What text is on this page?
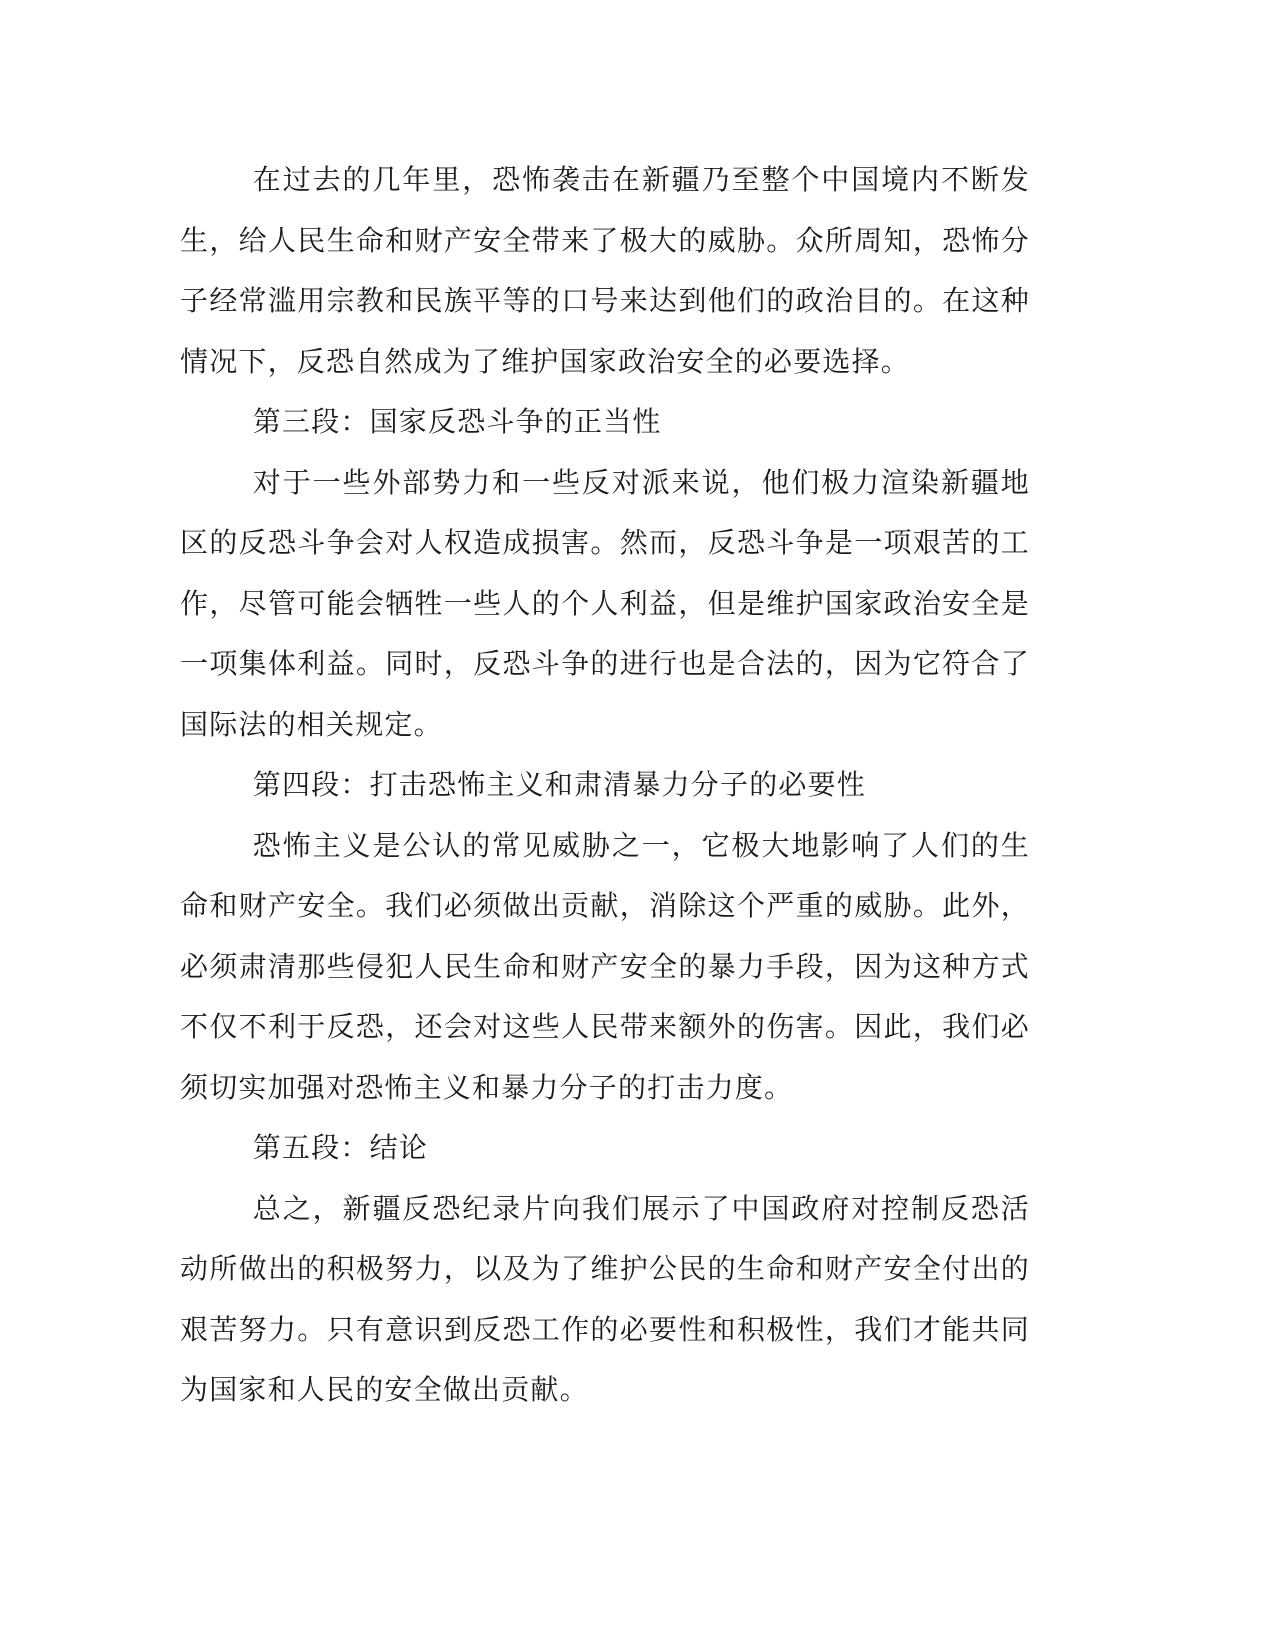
在过去的几年里，恐怖袭击在新疆乃至整个中国境内不断发生，给人民生命和财产安全带来了极大的威胁。众所周知，恐怖分子经常滥用宗教和民族平等的口号来达到他们的政治目的。在这种情况下，反恐自然成为了维护国家政治安全的必要选择。

第三段：国家反恐斗争的正当性

对于一些外部势力和一些反对派来说，他们极力渲染新疆地区的反恐斗争会对人权造成损害。然而，反恐斗争是一项艰苦的工作，尽管可能会牺牲一些人的个人利益，但是维护国家政治安全是一项集体利益。同时，反恐斗争的进行也是合法的，因为它符合了国际法的相关规定。

第四段：打击恐怖主义和肃清暴力分子的必要性

恐怖主义是公认的常见威胁之一，它极大地影响了人们的生命和财产安全。我们必须做出贡献，消除这个严重的威胁。此外，必须肃清那些侵犯人民生命和财产安全的暴力手段，因为这种方式不仅不利于反恐，还会对这些人民带来额外的伤害。因此，我们必须切实加强对恐怖主义和暴力分子的打击力度。

第五段：结论

总之，新疆反恐纪录片向我们展示了中国政府对控制反恐活动所做出的积极努力，以及为了维护公民的生命和财产安全付出的艰苦努力。只有意识到反恐工作的必要性和积极性，我们才能共同为国家和人民的安全做出贡献。
